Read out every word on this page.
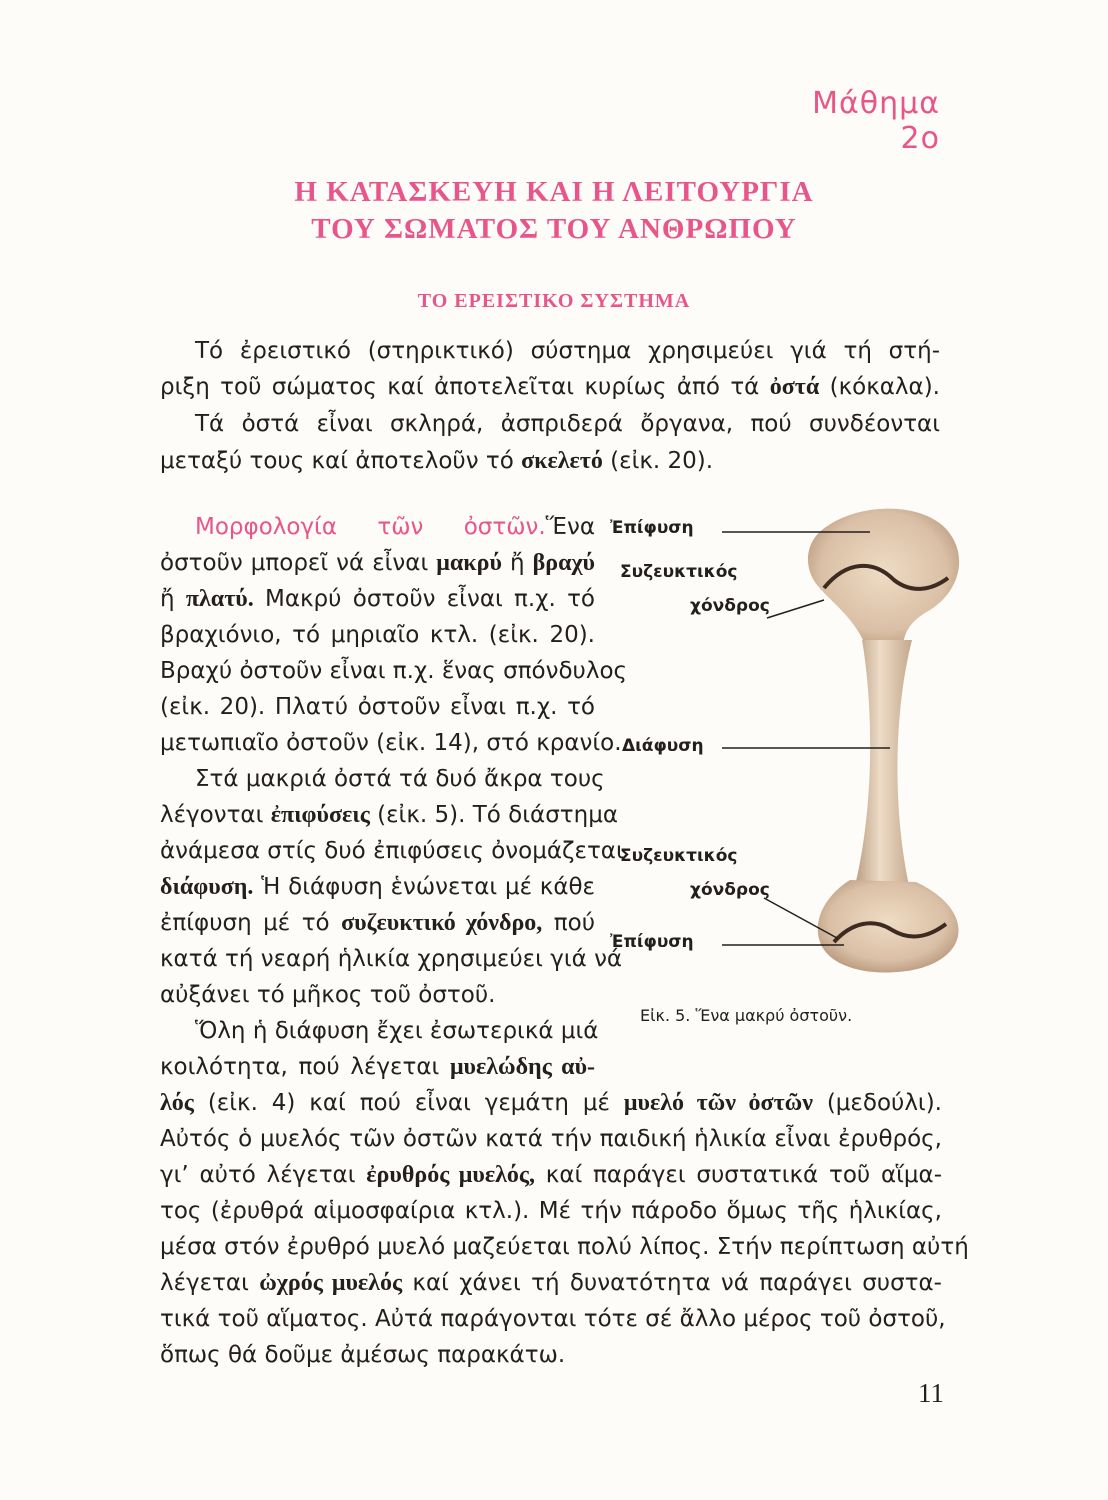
Μάθημα 2ο
Η ΚΑΤΑΣΚΕΥΗ ΚΑΙ Η ΛΕΙΤΟΥΡΓΙΑ
ΤΟΥ ΣΩΜΑΤΟΣ ΤΟΥ ΑΝΘΡΩΠΟΥ
ΤΟ ΕΡΕΙΣΤΙΚΟ ΣΥΣΤΗΜΑ
Τό ἐρειστικό (στηρικτικό) σύστημα χρησιμεύει γιά τή στή-
ριξη τοῦ σώματος καί ἀποτελεῖται κυρίως ἀπό τά ὀστά (κόκαλα).
Τά ὀστά εἶναι σκληρά, ἀσπριδερά ὄργανα, πού συνδέονται
μεταξύ τους καί ἀποτελοῦν τό σκελετό (εἰκ. 20).
Μορφολογία τῶν ὀστῶν.Ἕνα
ὀστοῦν μπορεῖ νά εἶναι μακρύ ἤ βραχύ
ἤ πλατύ. Μακρύ ὀστοῦν εἶναι π.χ. τό
βραχιόνιο, τό μηριαῖο κτλ. (εἰκ. 20).
Βραχύ ὀστοῦν εἶναι π.χ. ἕνας σπόνδυλος
(εἰκ. 20). Πλατύ ὀστοῦν εἶναι π.χ. τό
μετωπιαῖο ὀστοῦν (εἰκ. 14), στό κρανίο.
Στά μακριά ὀστά τά δυό ἄκρα τους
λέγονται ἐπιφύσεις (εἰκ. 5). Τό διάστημα
ἀνάμεσα στίς δυό ἐπιφύσεις ὀνομάζεται
διάφυση. Ἡ διάφυση ἑνώνεται μέ κάθε
ἐπίφυση μέ τό συζευκτικό χόνδρο, πού
κατά τή νεαρή ἡλικία χρησιμεύει γιά νά
αὐξάνει τό μῆκος τοῦ ὀστοῦ.
Ὅλη ἡ διάφυση ἔχει ἐσωτερικά μιά
κοιλότητα, πού λέγεται μυελώδης αὐ-
λός (εἰκ. 4) καί πού εἶναι γεμάτη μέ μυελό τῶν ὀστῶν (μεδούλι).
Αὐτός ὁ μυελός τῶν ὀστῶν κατά τήν παιδική ἡλικία εἶναι ἐρυθρός,
γι’ αὐτό λέγεται ἐρυθρός μυελός, καί παράγει συστατικά τοῦ αἵμα-
τος (ἐρυθρά αἱμοσφαίρια κτλ.). Μέ τήν πάροδο ὅμως τῆς ἡλικίας,
μέσα στόν ἐρυθρό μυελό μαζεύεται πολύ λίπος. Στήν περίπτωση αὐτή
λέγεται ὠχρός μυελός καί χάνει τή δυνατότητα νά παράγει συστα-
τικά τοῦ αἵματος. Αὐτά παράγονται τότε σέ ἄλλο μέρος τοῦ ὀστοῦ,
ὅπως θά δοῦμε ἀμέσως παρακάτω.
Ἐπίφυση
Συζευκτικός
χόνδρος
Διάφυση
Συζευκτικός
χόνδρος
Ἐπίφυση
Εἰκ. 5. Ἕνα μακρύ ὀστοῦν.
11
